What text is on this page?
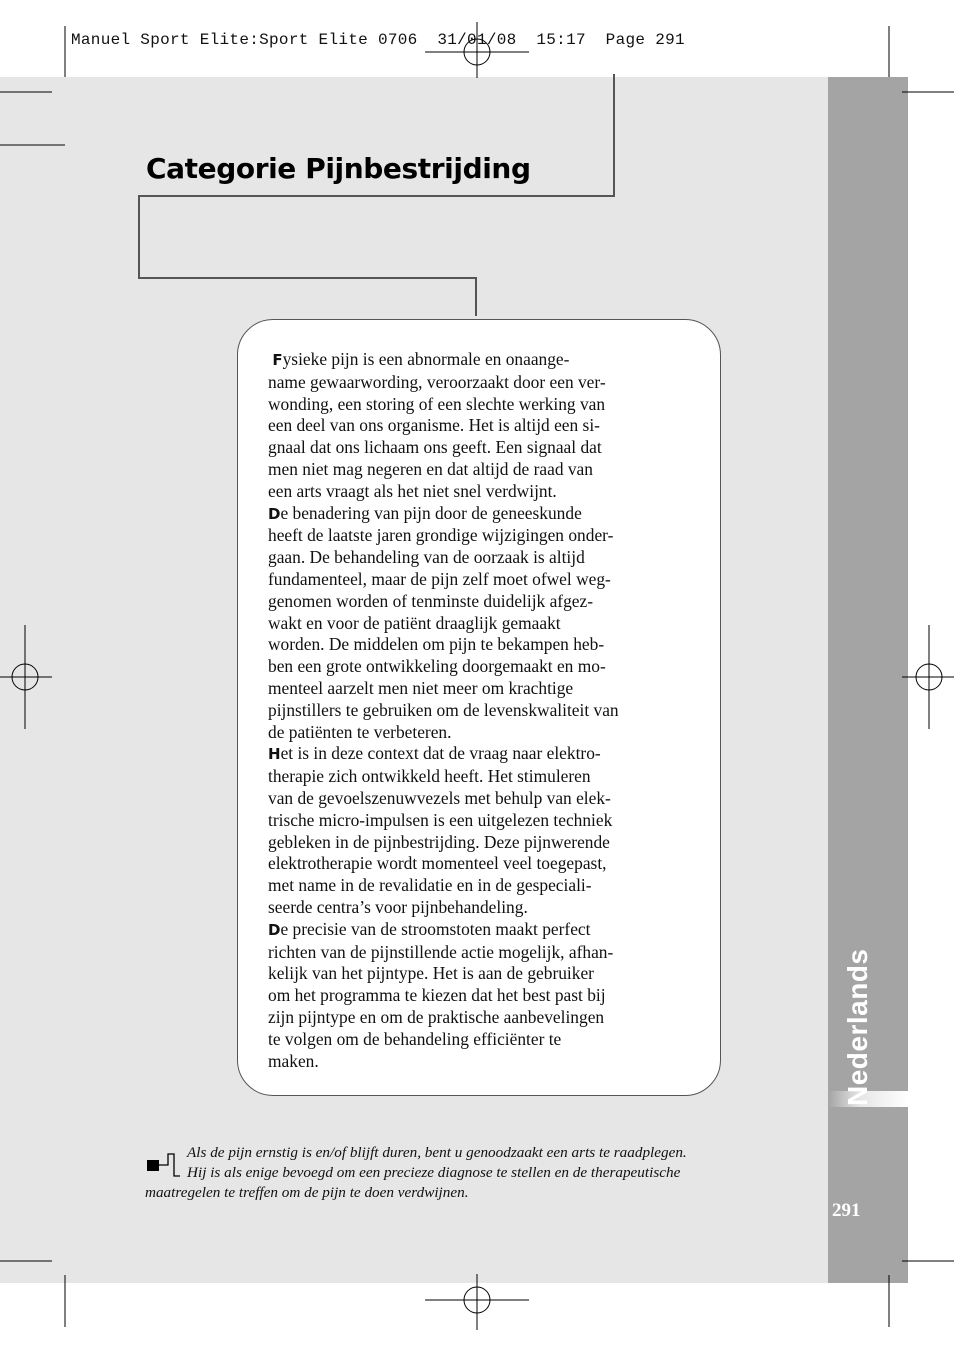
Manuel Sport Elite:Sport Elite 0706  31/01/08  15:17  Page 291
Nederlands
291
Categorie Pijnbestrijding
Fysieke pijn is een abnormale en onaange-
name gewaarwording, veroorzaakt door een ver-
wonding, een storing of een slechte werking van
een deel van ons organisme. Het is altijd een si-
gnaal dat ons lichaam ons geeft. Een signaal dat
men niet mag negeren en dat altijd de raad van
een arts vraagt als het niet snel verdwijnt.
De benadering van pijn door de geneeskunde
heeft de laatste jaren grondige wijzigingen onder-
gaan. De behandeling van de oorzaak is altijd
fundamenteel, maar de pijn zelf moet ofwel weg-
genomen worden of tenminste duidelijk afgez-
wakt en voor de patiënt draaglijk gemaakt
worden. De middelen om pijn te bekampen heb-
ben een grote ontwikkeling doorgemaakt en mo-
menteel aarzelt men niet meer om krachtige
pijnstillers te gebruiken om de levenskwaliteit van
de patiënten te verbeteren.
Het is in deze context dat de vraag naar elektro-
therapie zich ontwikkeld heeft. Het stimuleren
van de gevoelszenuwvezels met behulp van elek-
trische micro-impulsen is een uitgelezen techniek
gebleken in de pijnbestrijding. Deze pijnwerende
elektrotherapie wordt momenteel veel toegepast,
met name in de revalidatie en in de gespeciali-
seerde centra’s voor pijnbehandeling.
De precisie van de stroomstoten maakt perfect
richten van de pijnstillende actie mogelijk, afhan-
kelijk van het pijntype. Het is aan de gebruiker
om het programma te kiezen dat het best past bij
zijn pijntype en om de praktische aanbevelingen
te volgen om de behandeling efficiënter te
maken.
Als de pijn ernstig is en/of blijft duren, bent u genoodzaakt een arts te raadplegen.
Hij is als enige bevoegd om een precieze diagnose te stellen en de therapeutische
maatregelen te treffen om de pijn te doen verdwijnen.
